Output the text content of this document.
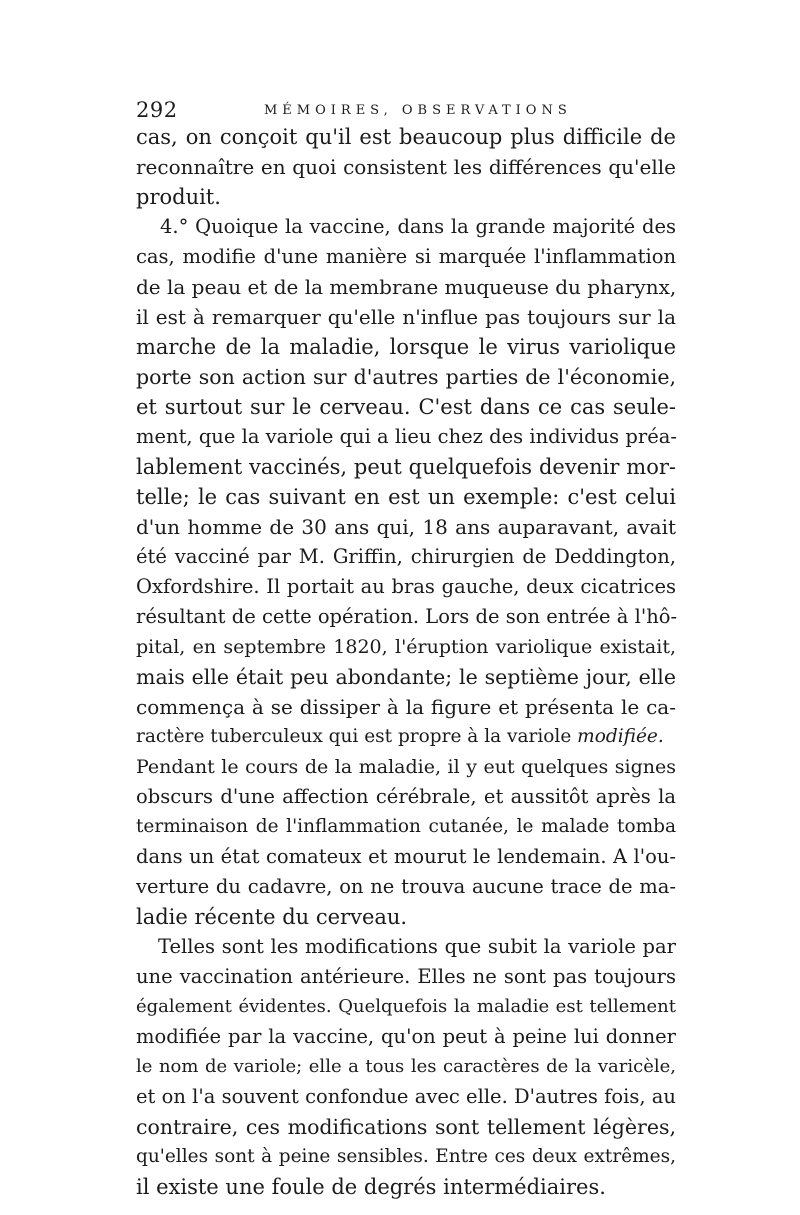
292	MÉMOIRES, OBSERVATIONS
cas, on conçoit qu'il est beaucoup plus difficile de
reconnaître en quoi consistent les différences qu'elle
produit.
4.° Quoique la vaccine, dans la grande majorité des
cas, modifie d'une manière si marquée l'inflammation
de la peau et de la membrane muqueuse du pharynx,
il est à remarquer qu'elle n'influe pas toujours sur la
marche de la maladie, lorsque le virus variolique
porte son action sur d'autres parties de l'économie,
et surtout sur le cerveau. C'est dans ce cas seule-
ment, que la variole qui a lieu chez des individus préa-
lablement vaccinés, peut quelquefois devenir mor-
telle; le cas suivant en est un exemple: c'est celui
d'un homme de 30 ans qui, 18 ans auparavant, avait
été vacciné par M. Griffin, chirurgien de Deddington,
Oxfordshire. Il portait au bras gauche, deux cicatrices
résultant de cette opération. Lors de son entrée à l'hô-
pital, en septembre 1820, l'éruption variolique existait,
mais elle était peu abondante; le septième jour, elle
commença à se dissiper à la figure et présenta le ca-
ractère tuberculeux qui est propre à la variole modifiée.
Pendant le cours de la maladie, il y eut quelques signes
obscurs d'une affection cérébrale, et aussitôt après la
terminaison de l'inflammation cutanée, le malade tomba
dans un état comateux et mourut le lendemain. A l'ou-
verture du cadavre, on ne trouva aucune trace de ma-
ladie récente du cerveau.
Telles sont les modifications que subit la variole par
une vaccination antérieure. Elles ne sont pas toujours
également évidentes. Quelquefois la maladie est tellement
modifiée par la vaccine, qu'on peut à peine lui donner
le nom de variole; elle a tous les caractères de la varicèle,
et on l'a souvent confondue avec elle. D'autres fois, au
contraire, ces modifications sont tellement légères,
qu'elles sont à peine sensibles. Entre ces deux extrêmes,
il existe une foule de degrés intermédiaires.
